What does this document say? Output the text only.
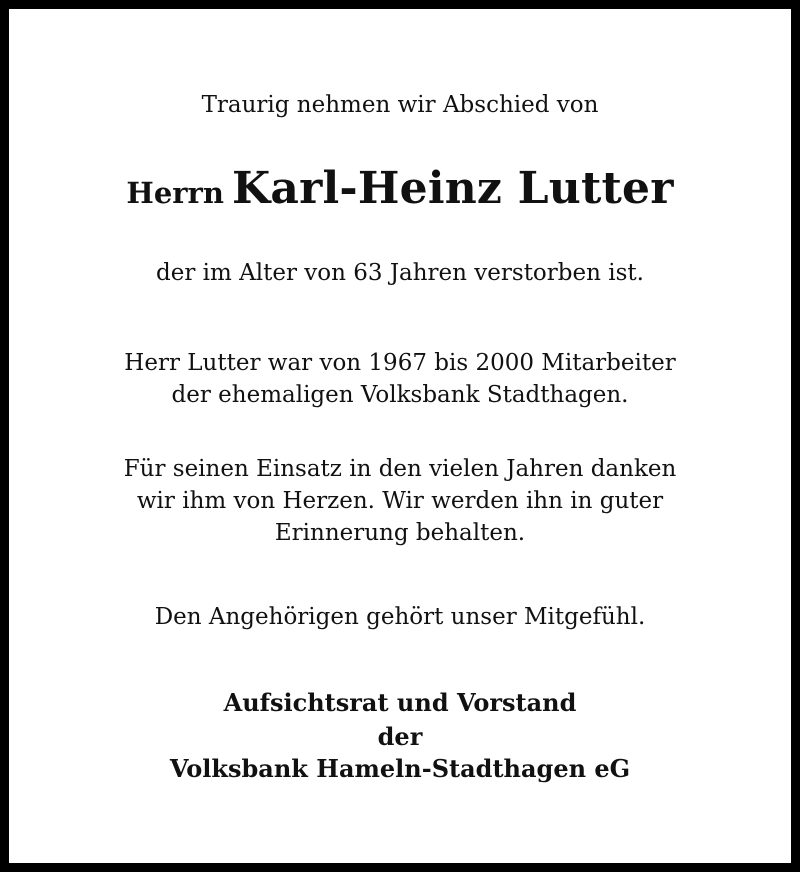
Traurig nehmen wir Abschied von
Herrn Karl-Heinz Lutter
der im Alter von 63 Jahren verstorben ist.
Herr Lutter war von 1967 bis 2000 Mitarbeiter
der ehemaligen Volksbank Stadthagen.
Für seinen Einsatz in den vielen Jahren danken
wir ihm von Herzen. Wir werden ihn in guter
Erinnerung behalten.
Den Angehörigen gehört unser Mitgefühl.
Aufsichtsrat und Vorstand
der
Volksbank Hameln-Stadthagen eG
